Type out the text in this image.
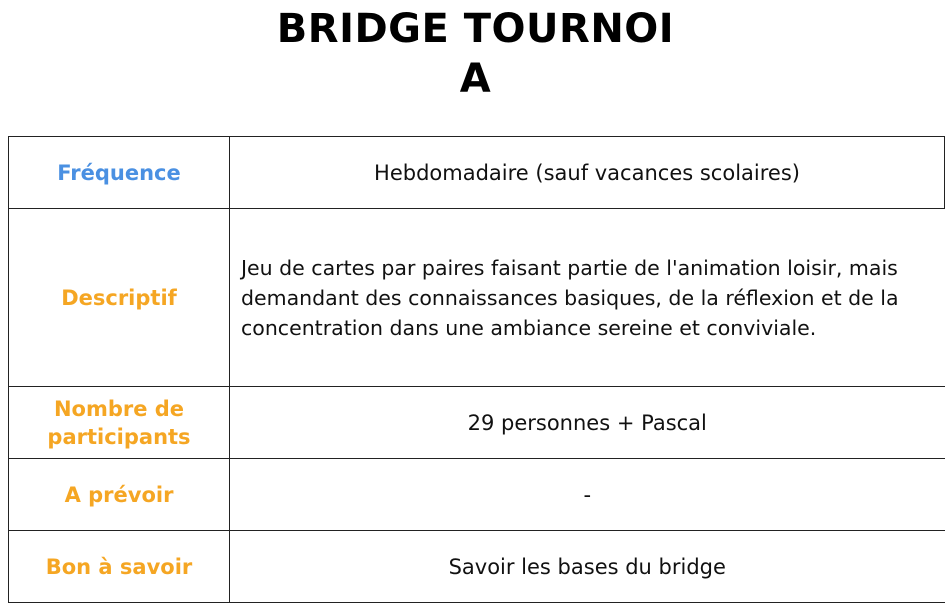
BRIDGE TOURNOI
A
Fréquence	Hebdomadaire (sauf vacances scolaires)
Descriptif	Jeu de cartes par paires faisant partie de l'animation loisir, mais demandant des connaissances basiques, de la réflexion et de la concentration dans une ambiance sereine et conviviale.
Nombre de participants	29 personnes + Pascal
A prévoir	-
Bon à savoir	Savoir les bases du bridge
